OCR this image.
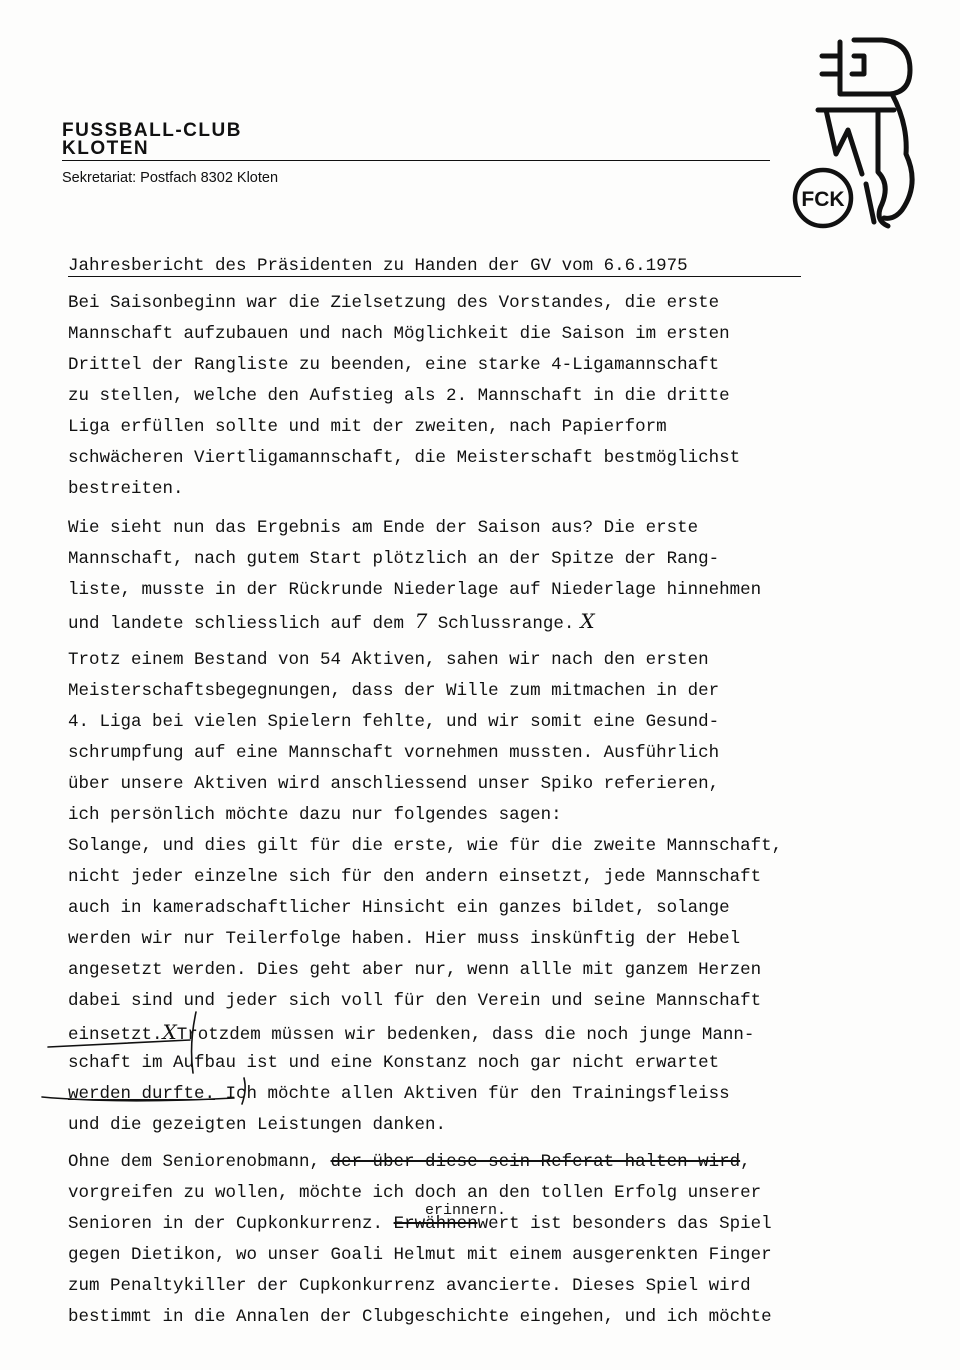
FUSSBALL-CLUB
KLOTEN
Sekretariat: Postfach 8302 Kloten
FCK
Jahresbericht des Präsidenten zu Handen der GV vom 6.6.1975
Bei Saisonbeginn war die Zielsetzung des Vorstandes, die erste
Mannschaft aufzubauen und nach Möglichkeit die Saison im ersten
Drittel der Rangliste zu beenden, eine starke 4-Ligamannschaft
zu stellen, welche den Aufstieg als 2. Mannschaft in die dritte
Liga erfüllen sollte und mit der zweiten, nach Papierform
schwächeren Viertligamannschaft, die Meisterschaft bestmöglichst
bestreiten.
Wie sieht nun das Ergebnis am Ende der Saison aus? Die erste
Mannschaft, nach gutem Start plötzlich an der Spitze der Rang-
liste, musste in der Rückrunde Niederlage auf Niederlage hinnehmen
und landete schliesslich auf dem 7 Schlussrange. X
Trotz einem Bestand von 54 Aktiven, sahen wir nach den ersten
Meisterschaftsbegegnungen, dass der Wille zum mitmachen in der
4. Liga bei vielen Spielern fehlte, und wir somit eine Gesund-
schrumpfung auf eine Mannschaft vornehmen mussten. Ausführlich
über unsere Aktiven wird anschliessend unser Spiko referieren,
ich persönlich möchte dazu nur folgendes sagen:
Solange, und dies gilt für die erste, wie für die zweite Mannschaft,
nicht jeder einzelne sich für den andern einsetzt, jede Mannschaft
auch in kameradschaftlicher Hinsicht ein ganzes bildet, solange
werden wir nur Teilerfolge haben. Hier muss inskünftig der Hebel
angesetzt werden. Dies geht aber nur, wenn allle mit ganzem Herzen
dabei sind und jeder sich voll für den Verein und seine Mannschaft
einsetzt.XTrotzdem müssen wir bedenken, dass die noch junge Mann-
schaft im Aufbau ist und eine Konstanz noch gar nicht erwartet
werden durfte. Ich möchte allen Aktiven für den Trainingsfleiss
und die gezeigten Leistungen danken.
Ohne dem Seniorenobmann, der über diese sein Referat halten wird,
vorgreifen zu wollen, möchte ich doch an den tollen Erfolg unserer
Senioren in der Cupkonkurrenz. Erwähnenwert ist besonders das Spiel
gegen Dietikon, wo unser Goali Helmut mit einem ausgerenkten Finger
zum Penaltykiller der Cupkonkurrenz avancierte. Dieses Spiel wird
bestimmt in die Annalen der Clubgeschichte eingehen, und ich möchte
erinnern.
